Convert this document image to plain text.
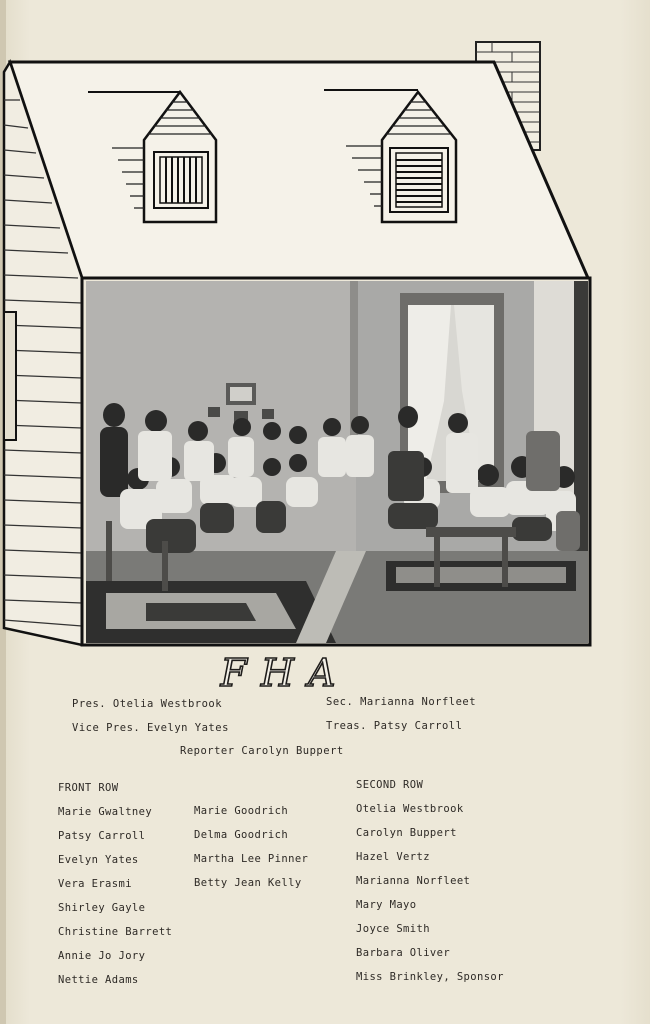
FHA
Pres. Otelia Westbrook	Sec. Marianna Norfleet
Vice Pres. Evelyn Yates	Treas. Patsy Carroll
Reporter Carolyn Buppert
FRONT ROW
Marie Gwaltney
Patsy Carroll
Evelyn Yates
Vera Erasmi
Shirley Gayle
Christine Barrett
Annie Jo Jory
Nettie Adams
Marie Goodrich
Delma Goodrich
Martha Lee Pinner
Betty Jean Kelly
SECOND ROW
Otelia Westbrook
Carolyn Buppert
Hazel Vertz
Marianna Norfleet
Mary Mayo
Joyce Smith
Barbara Oliver
Miss Brinkley, Sponsor
